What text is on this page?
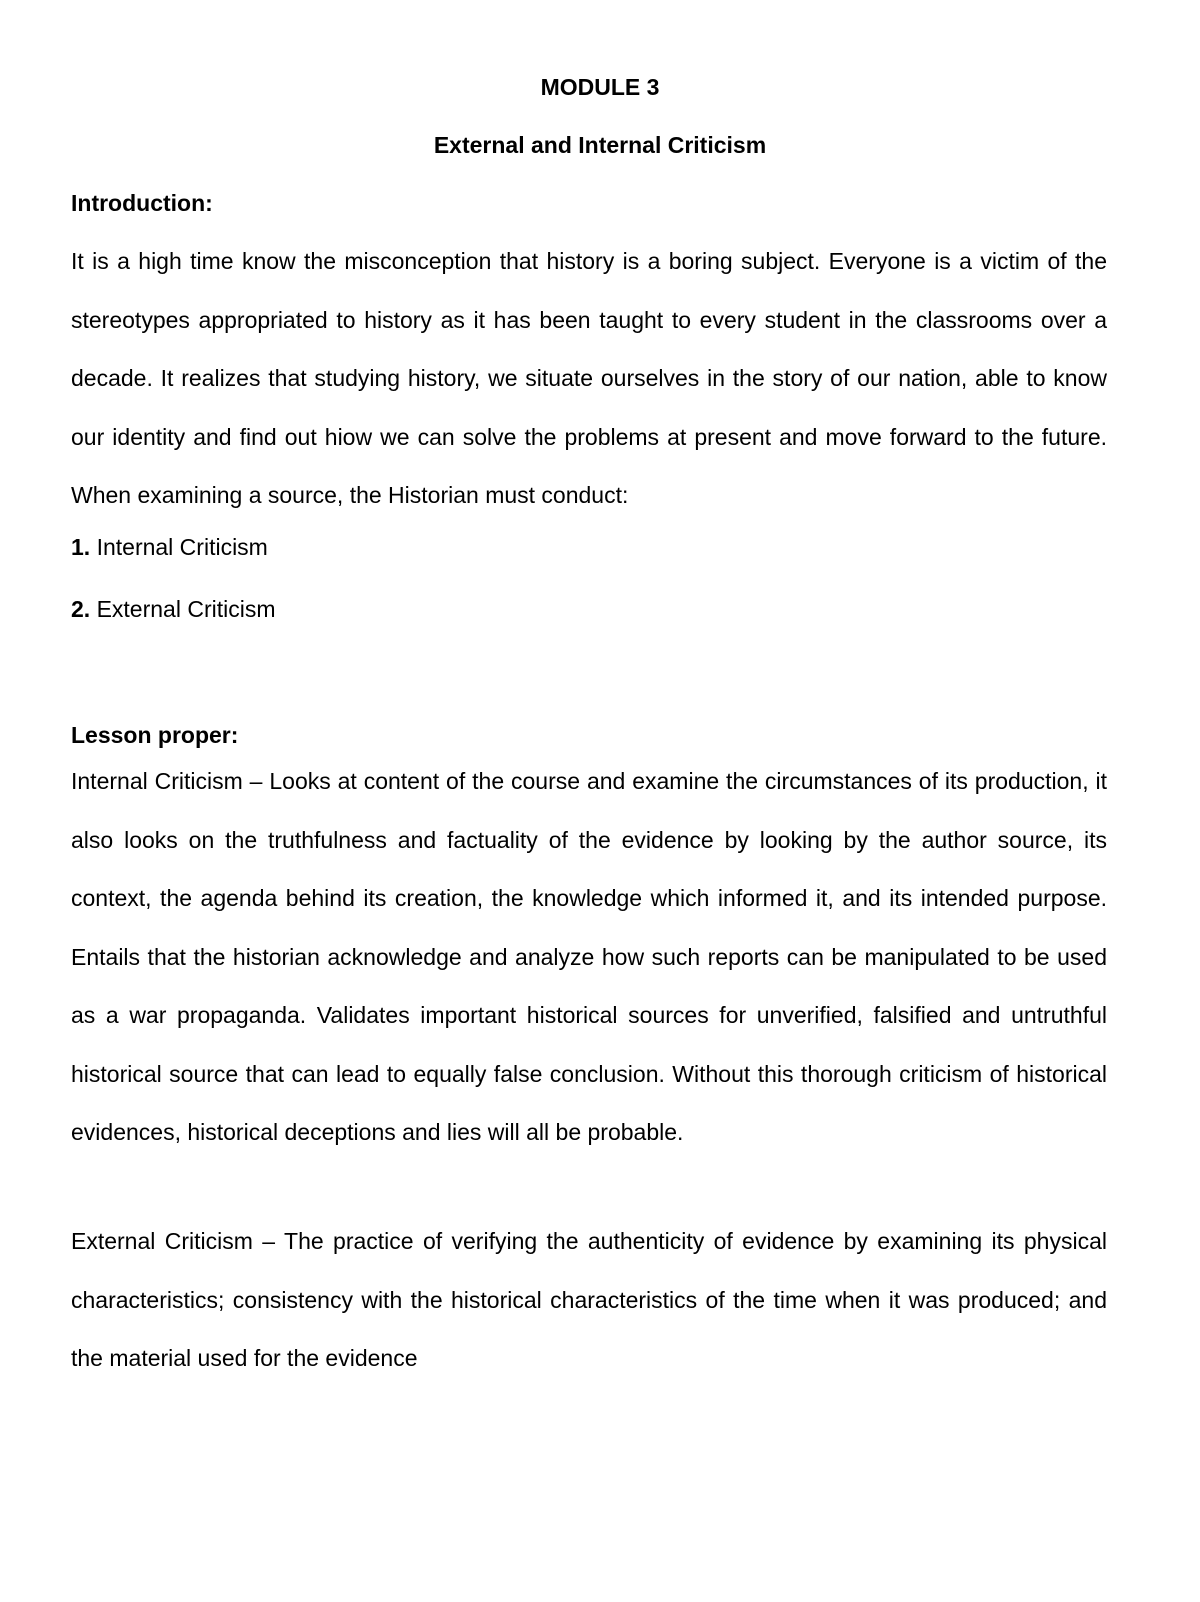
MODULE 3
External and Internal Criticism
Introduction:

It is a high time know the misconception that history is a boring subject. Everyone is a victim of the stereotypes appropriated to history as it has been taught to every student in the classrooms over a decade. It realizes that studying history, we situate ourselves in the story of our nation, able to know our identity and find out hiow we can solve the problems at present and move forward to the future. When examining a source, the Historian must conduct:

1. Internal Criticism
2. External Criticism
Lesson proper:

Internal Criticism – Looks at content of the course and examine the circumstances of its production, it also looks on the truthfulness and factuality of the evidence by looking by the author source, its context, the agenda behind its creation, the knowledge which informed it, and its intended purpose. Entails that the historian acknowledge and analyze how such reports can be manipulated to be used as a war propaganda. Validates important historical sources for unverified, falsified and untruthful historical source that can lead to equally false conclusion. Without this thorough criticism of historical evidences, historical deceptions and lies will all be probable.

External Criticism – The practice of verifying the authenticity of evidence by examining its physical characteristics; consistency with the historical characteristics of the time when it was produced; and the material used for the evidence
